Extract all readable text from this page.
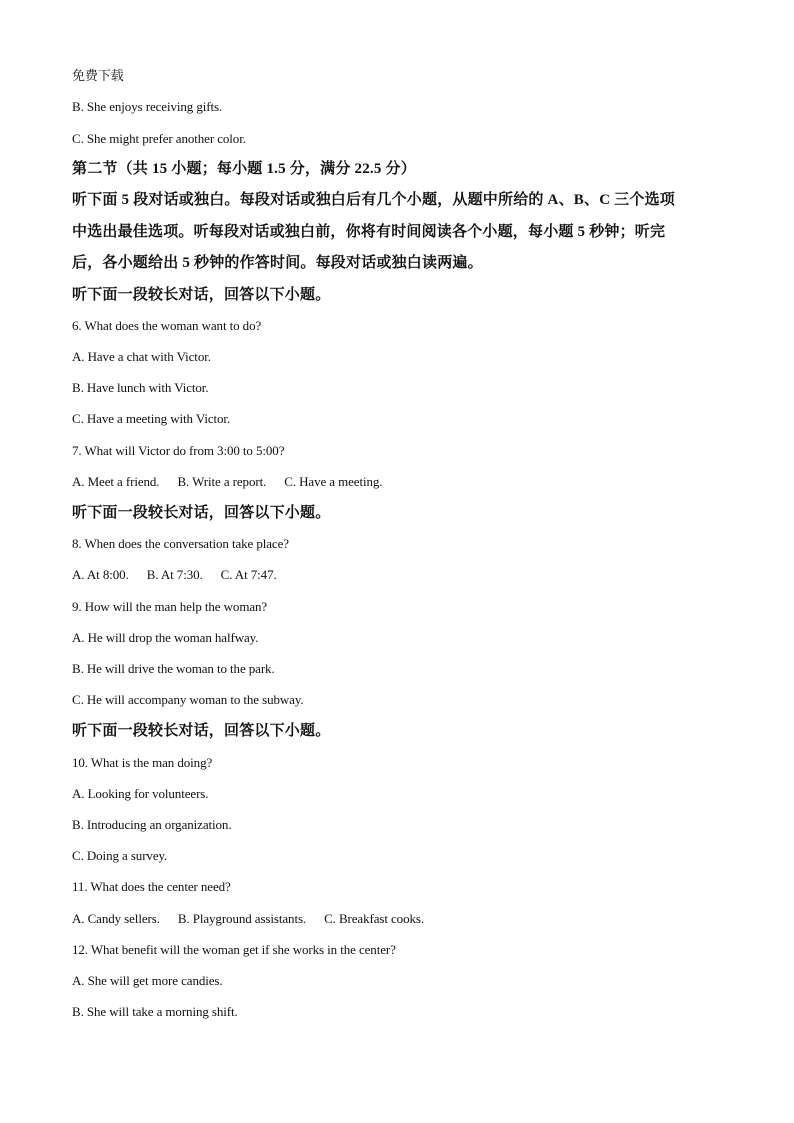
免费下载
B. She enjoys receiving gifts.
C. She might prefer another color.
第二节（共 15 小题；每小题 1.5 分，满分 22.5 分）
听下面 5 段对话或独白。每段对话或独白后有几个小题，从题中所给的 A、B、C 三个选项
中选出最佳选项。听每段对话或独白前，你将有时间阅读各个小题，每小题 5 秒钟；听完
后，各小题给出 5 秒钟的作答时间。每段对话或独白读两遍。
听下面一段较长对话，回答以下小题。
6. What does the woman want to do?
A. Have a chat with Victor.
B. Have lunch with Victor.
C. Have a meeting with Victor.
7. What will Victor do from 3:00 to 5:00?
A. Meet a friend. B. Write a report. C. Have a meeting.
听下面一段较长对话，回答以下小题。
8. When does the conversation take place?
A. At 8:00. B. At 7:30. C. At 7:47.
9. How will the man help the woman?
A. He will drop the woman halfway.
B. He will drive the woman to the park.
C. He will accompany woman to the subway.
听下面一段较长对话，回答以下小题。
10. What is the man doing?
A. Looking for volunteers.
B. Introducing an organization.
C. Doing a survey.
11. What does the center need?
A. Candy sellers. B. Playground assistants. C. Breakfast cooks.
12. What benefit will the woman get if she works in the center?
A. She will get more candies.
B. She will take a morning shift.
